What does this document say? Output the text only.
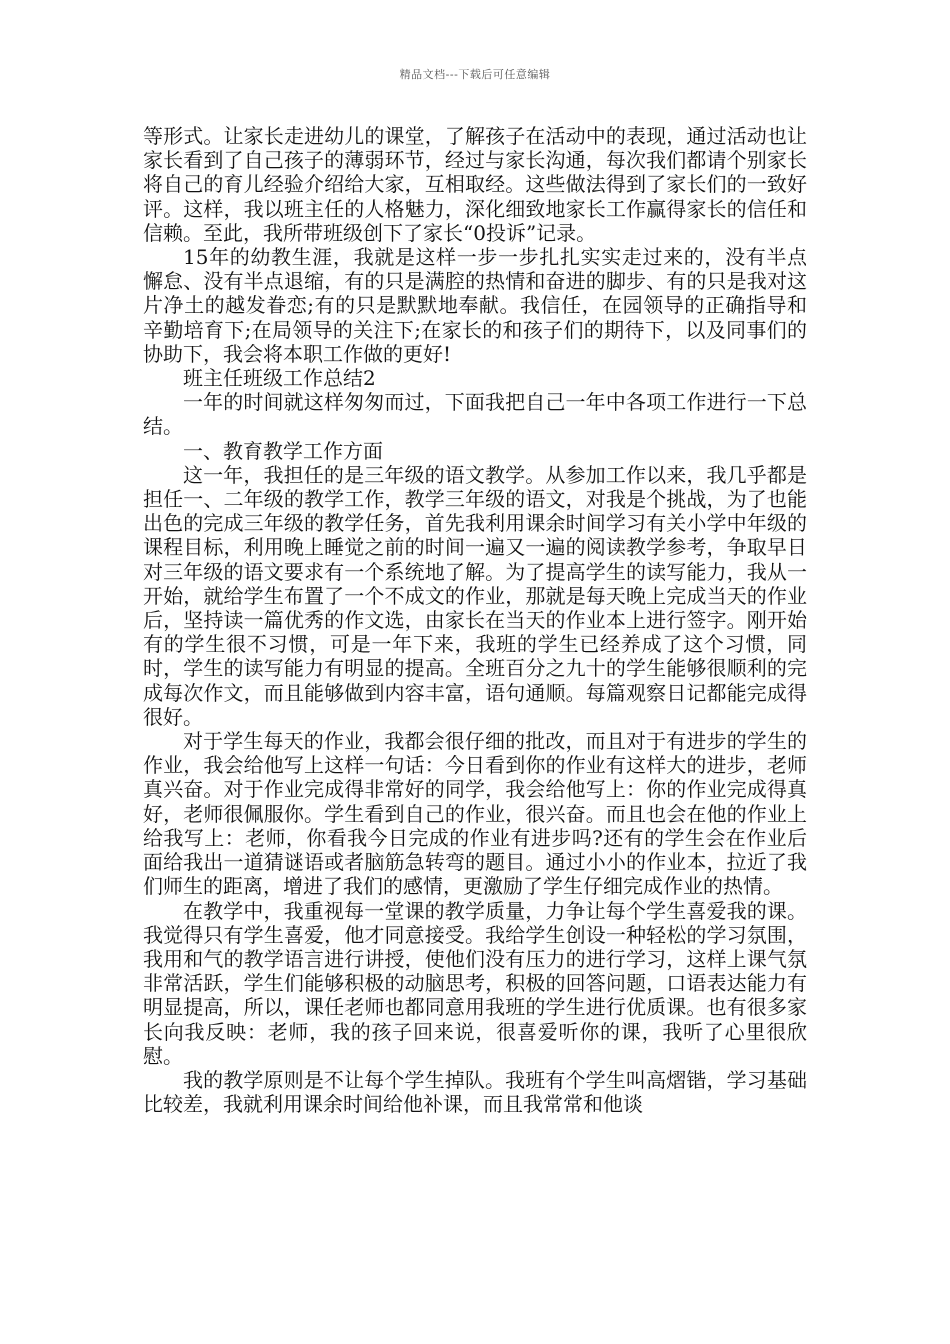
精品文档---下载后可任意编辑

等形式。让家长走进幼儿的课堂，了解孩子在活动中的表现，通过活动也让家长看到了自己孩子的薄弱环节，经过与家长沟通，每次我们都请个别家长将自己的育儿经验介绍给大家，互相取经。这些做法得到了家长们的一致好评。这样，我以班主任的人格魅力，深化细致地家长工作赢得家长的信任和信赖。至此，我所带班级创下了家长“0投诉”记录。

15年的幼教生涯，我就是这样一步一步扎扎实实走过来的，没有半点懈怠、没有半点退缩，有的只是满腔的热情和奋进的脚步、有的只是我对这片净土的越发眷恋;有的只是默默地奉献。我信任，在园领导的正确指导和辛勤培育下;在局领导的关注下;在家长的和孩子们的期待下，以及同事们的协助下，我会将本职工作做的更好!

班主任班级工作总结2

一年的时间就这样匆匆而过，下面我把自己一年中各项工作进行一下总结。

一、教育教学工作方面

这一年，我担任的是三年级的语文教学。从参加工作以来，我几乎都是担任一、二年级的教学工作，教学三年级的语文，对我是个挑战，为了也能出色的完成三年级的教学任务，首先我利用课余时间学习有关小学中年级的课程目标，利用晚上睡觉之前的时间一遍又一遍的阅读教学参考，争取早日对三年级的语文要求有一个系统地了解。为了提高学生的读写能力，我从一开始，就给学生布置了一个不成文的作业，那就是每天晚上完成当天的作业后，坚持读一篇优秀的作文选，由家长在当天的作业本上进行签字。刚开始有的学生很不习惯，可是一年下来，我班的学生已经养成了这个习惯，同时，学生的读写能力有明显的提高。全班百分之九十的学生能够很顺利的完成每次作文，而且能够做到内容丰富，语句通顺。每篇观察日记都能完成得很好。

对于学生每天的作业，我都会很仔细的批改，而且对于有进步的学生的作业，我会给他写上这样一句话：今日看到你的作业有这样大的进步，老师真兴奋。对于作业完成得非常好的同学，我会给他写上：你的作业完成得真好，老师很佩服你。学生看到自己的作业，很兴奋。而且也会在他的作业上给我写上：老师，你看我今日完成的作业有进步吗?还有的学生会在作业后面给我出一道猜谜语或者脑筋急转弯的题目。通过小小的作业本，拉近了我们师生的距离，增进了我们的感情，更激励了学生仔细完成作业的热情。

在教学中，我重视每一堂课的教学质量，力争让每个学生喜爱我的课。我觉得只有学生喜爱，他才同意接受。我给学生创设一种轻松的学习氛围，我用和气的教学语言进行讲授，使他们没有压力的进行学习，这样上课气氛非常活跃，学生们能够积极的动脑思考，积极的回答问题，口语表达能力有明显提高，所以，课任老师也都同意用我班的学生进行优质课。也有很多家长向我反映：老师，我的孩子回来说，很喜爱听你的课，我听了心里很欣慰。

我的教学原则是不让每个学生掉队。我班有个学生叫高熠锴，学习基础比较差，我就利用课余时间给他补课，而且我常常和他谈
